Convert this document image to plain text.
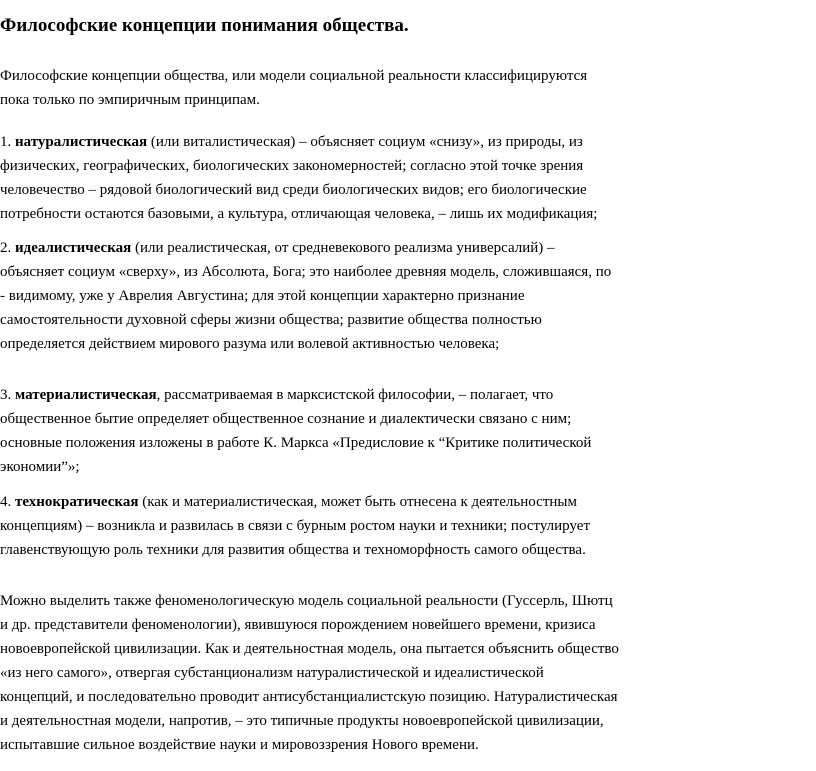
Философские концепции понимания общества.

Философские концепции общества, или модели социальной реальности классифицируются
пока только по эмпиричным принципам.

1. натуралистическая (или виталистическая) – объясняет социум «снизу», из природы, из
физических, географических, биологических закономерностей; согласно этой точке зрения
человечество – рядовой биологический вид среди биологических видов; его биологические
потребности остаются базовыми, а культура, отличающая человека, – лишь их модификация;

2. идеалистическая (или реалистическая, от средневекового реализма универсалий) –
объясняет социум «сверху», из Абсолюта, Бога; это наиболее древняя модель, сложившаяся, по
- видимому, уже у Аврелия Августина; для этой концепции характерно признание
самостоятельности духовной сферы жизни общества; развитие общества полностью
определяется действием мирового разума или волевой активностью человека;

3. материалистическая, рассматриваемая в марксистской философии, – полагает, что
общественное бытие определяет общественное сознание и диалектически связано с ним;
основные положения изложены в работе К. Маркса «Предисловие к “Критике политической
экономии”»;

4. технократическая (как и материалистическая, может быть отнесена к деятельностным
концепциям) – возникла и развилась в связи с бурным ростом науки и техники; постулирует
главенствующую роль техники для развития общества и техноморфность самого общества.

Можно выделить также феноменологическую модель социальной реальности (Гуссерль, Шютц
и др. представители феноменологии), явившуюся порождением новейшего времени, кризиса
новоевропейской цивилизации. Как и деятельностная модель, она пытается объяснить общество
«из него самого», отвергая субстанционализм натуралистической и идеалистической
концепций, и последовательно проводит антисубстанциалистскую позицию. Натуралистическая
и деятельностная модели, напротив, – это типичные продукты новоевропейской цивилизации,
испытавшие сильное воздействие науки и мировоззрения Нового времени.
